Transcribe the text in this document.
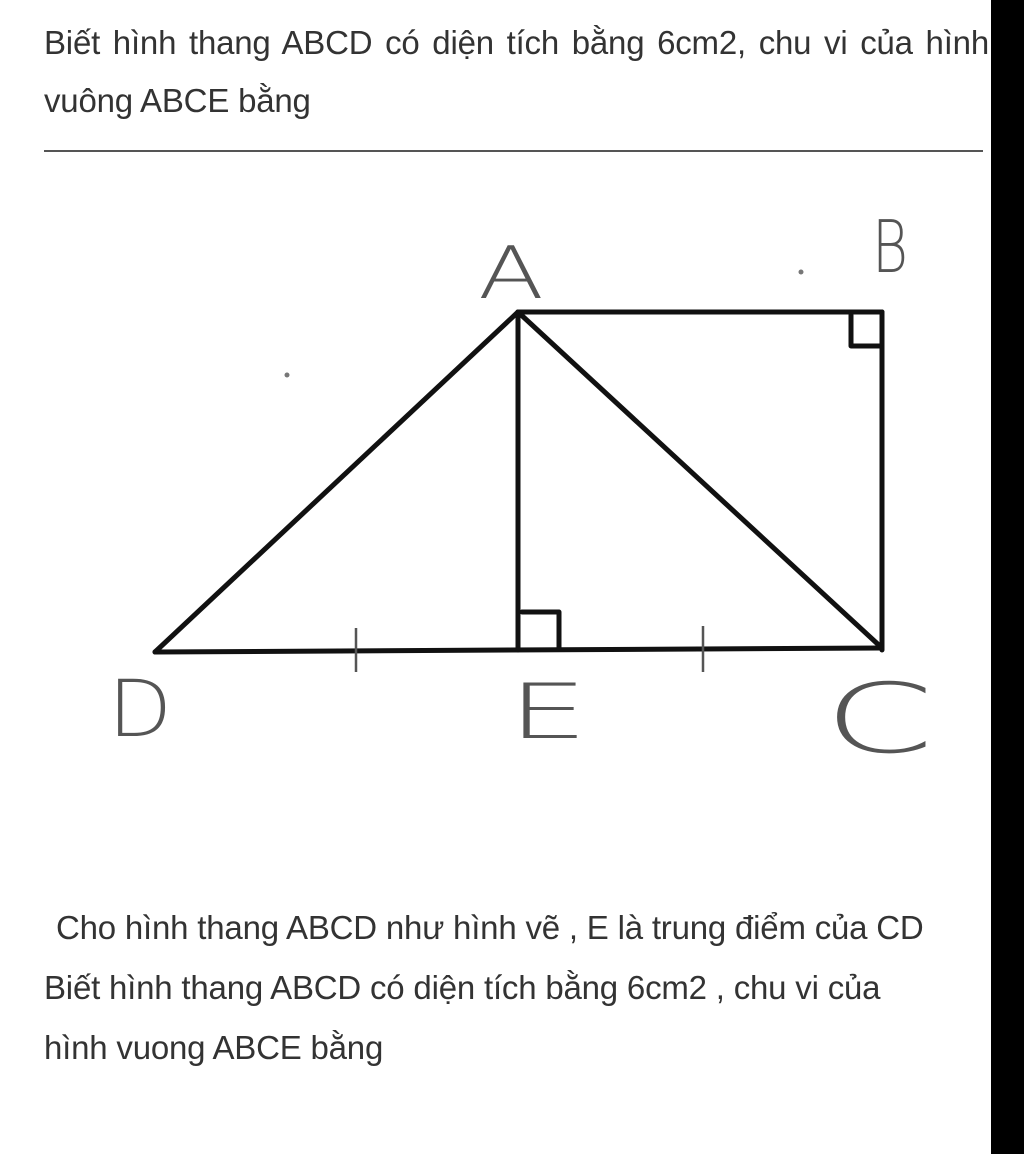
Biết hình thang ABCD có diện tích bằng 6cm2, chu vi của hình vuông ABCE bằng
A	B
D	E C

Cho hình thang ABCD như hình vẽ , E là trung điểm của CD

Biết hình thang ABCD có diện tích bằng 6cm2 , chu vi của hình vuong ABCE bằng
